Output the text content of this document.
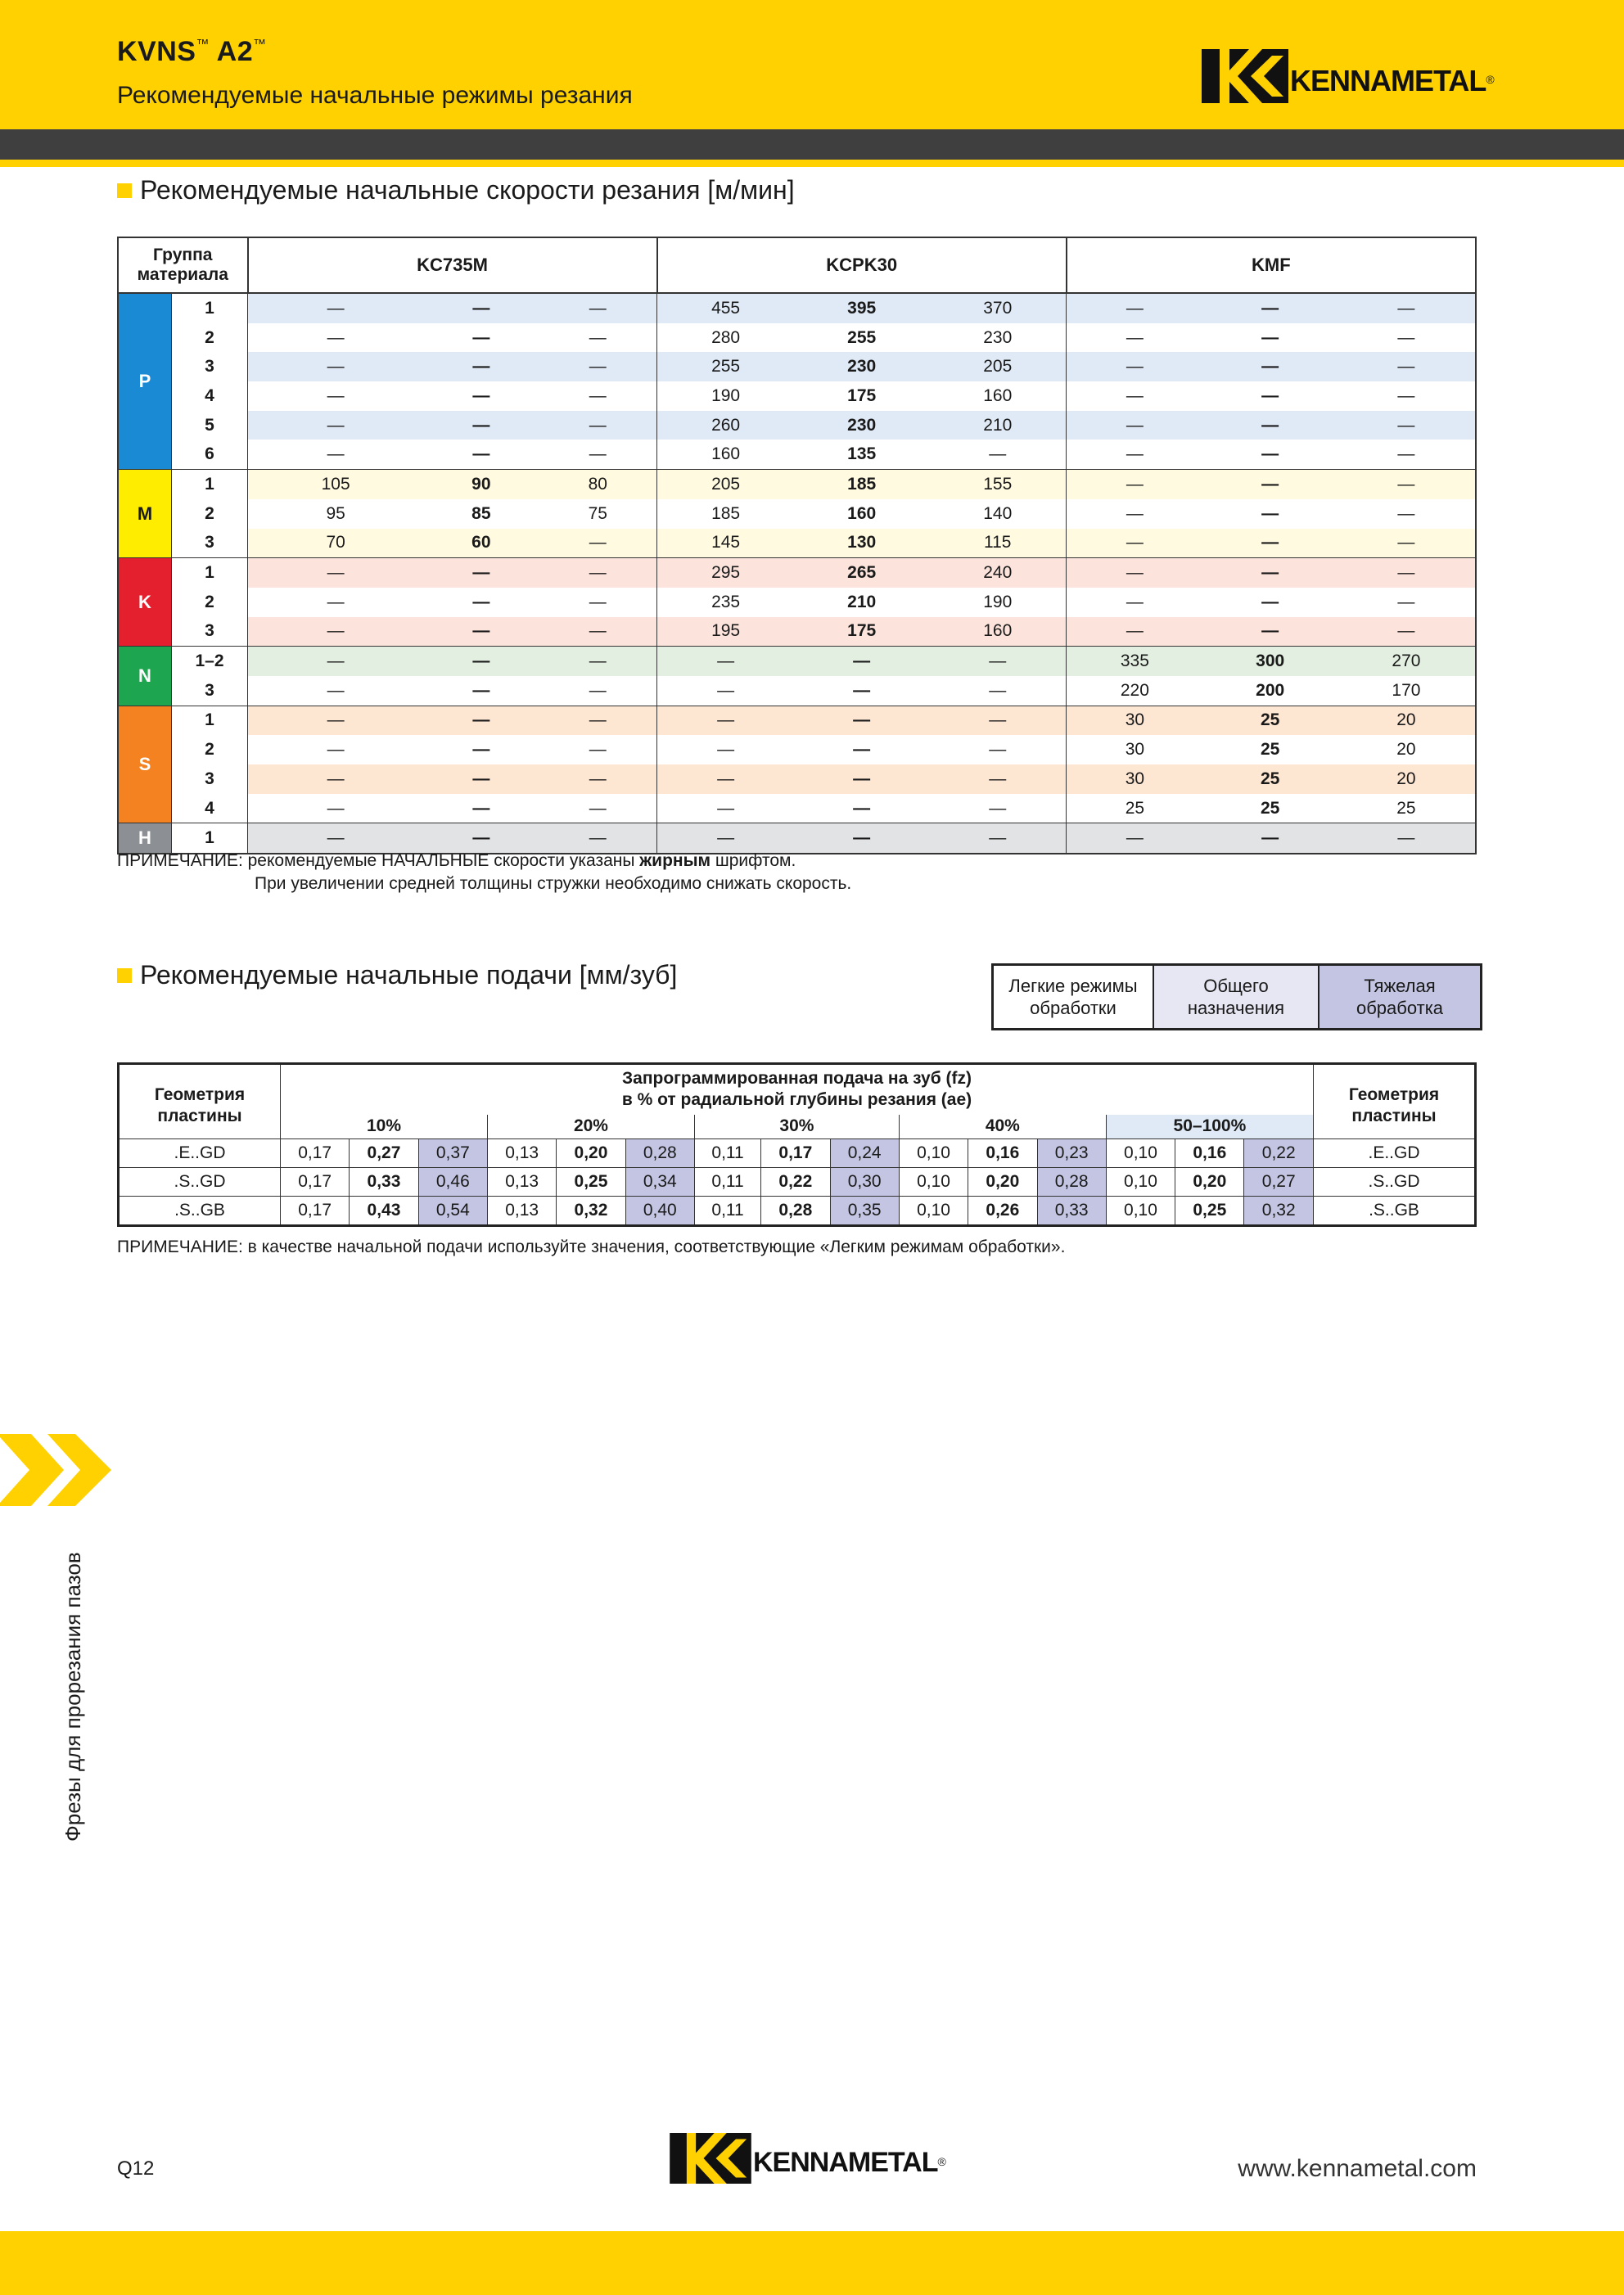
KVNS™ A2™
Рекомендуемые начальные режимы резания	KENNAMETAL ®
Рекомендуемые начальные скорости резания [м/мин]
Группа материала		KC735M			KCPK30			KMF		
P	1	—	—	—	455	395	370	—	—	—
	2	—	—	—	280	255	230	—	—	—
	3	—	—	—	255	230	205	—	—	—
	4	—	—	—	190	175	160	—	—	—
	5	—	—	—	260	230	210	—	—	—
	6	—	—	—	160	135	—	—	—	—
M	1	105	90	80	205	185	155	—	—	—
	2	95	85	75	185	160	140	—	—	—
	3	70	60	—	145	130	115	—	—	—
K	1	—	—	—	295	265	240	—	—	—
	2	—	—	—	235	210	190	—	—	—
	3	—	—	—	195	175	160	—	—	—
N	1–2	—	—	—	—	—	—	335	300	270
	3	—	—	—	—	—	—	220	200	170
S	1	—	—	—	—	—	—	30	25	20
	2	—	—	—	—	—	—	30	25	20
	3	—	—	—	—	—	—	30	25	20
	4	—	—	—	—	—	—	25	25	25
H	1	—	—	—	—	—	—	—	—	—
ПРИМЕЧАНИЕ: рекомендуемые НАЧАЛЬНЫЕ скорости указаны жирным шрифтом.
При увеличении средней толщины стружки необходимо снижать скорость.
Рекомендуемые начальные подачи [мм/зуб]	Легкие режимы обработки
Общего назначения
Тяжелая обработка
Геометрия пластины	Запрограммированная подача на зуб (fz)
в % от радиальной глубины резания (ae)															Геометрия пластины
	10%			20%			30%			40%			50–100%			
.E..GD	0,17	0,27	0,37	0,13	0,20	0,28	0,11	0,17	0,24	0,10	0,16	0,23	0,10	0,16	0,22	.E..GD
.S..GD	0,17	0,33	0,46	0,13	0,25	0,34	0,11	0,22	0,30	0,10	0,20	0,28	0,10	0,20	0,27	.S..GD
.S..GB	0,17	0,43	0,54	0,13	0,32	0,40	0,11	0,28	0,35	0,10	0,26	0,33	0,10	0,25	0,32	.S..GB
ПРИМЕЧАНИЕ: в качестве начальной подачи используйте значения, соответствующие «Легким режимам обработки».
Фрезы для прорезания пазов
Q12	KENNAMETAL ®	www.kennametal.com
